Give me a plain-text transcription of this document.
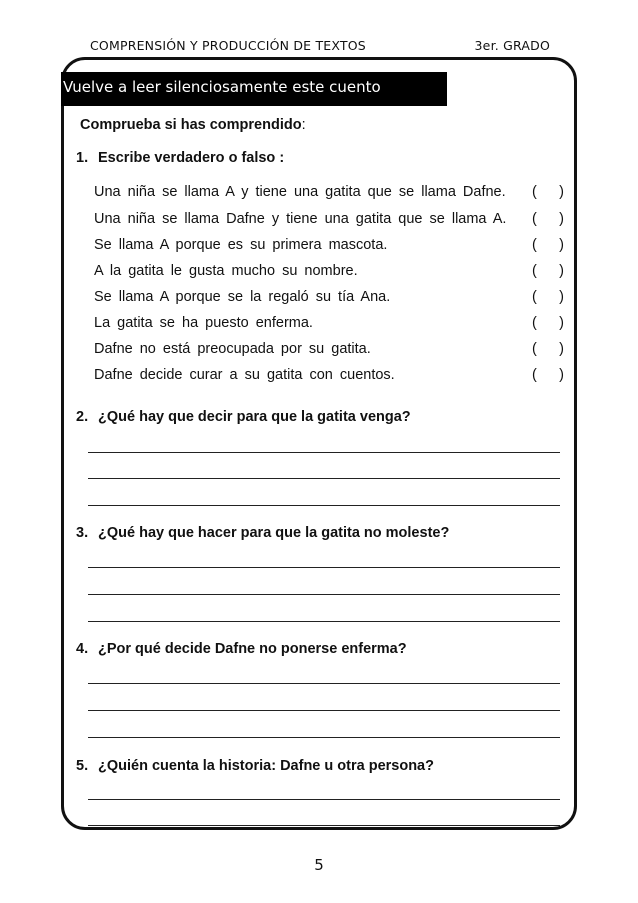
COMPRENSIÓN Y PRODUCCIÓN DE TEXTOS	3er. GRADO
Vuelve a leer silenciosamente este cuento
Comprueba si has comprendido:
1. Escribe verdadero o falso :
Una niña se llama A y tiene una gatita que se llama Dafne. ( )
Una niña se llama Dafne y tiene una gatita que se llama A. ( )
Se llama A porque es su primera mascota.	( )
A la gatita le gusta mucho su nombre.	( )
Se llama A porque se la regaló su tía Ana.	( )
La gatita se ha puesto enferma.	( )
Dafne no está preocupada por su gatita.	( )
Dafne decide curar a su gatita con cuentos.	( )
2. ¿Qué hay que decir para que la gatita venga?
3. ¿Qué hay que hacer para que la gatita no moleste?
4. ¿Por qué decide Dafne no ponerse enferma?
5. ¿Quién cuenta la historia: Dafne u otra persona?
5
